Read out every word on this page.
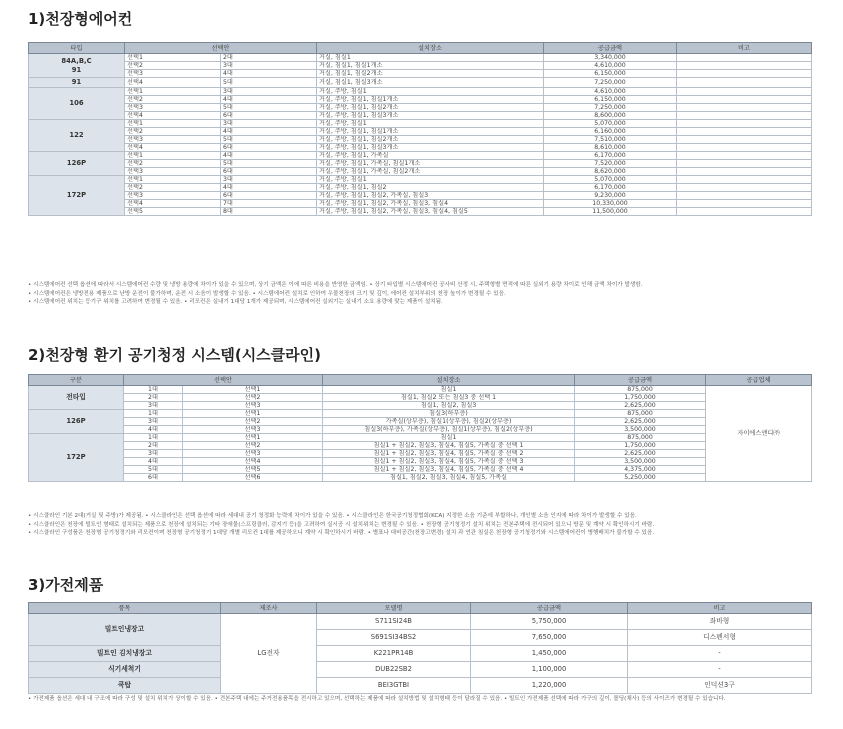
1)천장형에어컨
타입	선택안		설치장소	공급금액	비고
84A,B,C
91	선택1	2대	거실, 침실1	3,340,000	
	선택2	3대	거실, 침실1, 침실1개소	4,610,000	
	선택3	4대	거실, 침실1, 침실2개소	6,150,000	
91	선택4	5대	거실, 침실1, 침실3개소	7,250,000	
106	선택1	3대	거실, 주방, 침실1	4,610,000	
	선택2	4대	거실, 주방, 침실1, 침실1개소	6,150,000	
	선택3	5대	거실, 주방, 침실1, 침실2개소	7,250,000	
	선택4	6대	거실, 주방, 침실1, 침실3개소	8,600,000	
122	선택1	3대	거실, 주방, 침실1	5,070,000	
	선택2	4대	거실, 주방, 침실1, 침실1개소	6,160,000	
	선택3	5대	거실, 주방, 침실1, 침실2개소	7,510,000	
	선택4	6대	거실, 주방, 침실1, 침실3개소	8,610,000	
126P	선택1	4대	거실, 주방, 침실1, 가족실	6,170,000	
	선택2	5대	거실, 주방, 침실1, 가족실, 침실1개소	7,520,000	
	선택3	6대	거실, 주방, 침실1, 가족실, 침실2개소	8,620,000	
172P	선택1	3대	거실, 주방, 침실1	5,070,000	
	선택2	4대	거실, 주방, 침실1, 침실2	6,170,000	
	선택3	6대	거실, 주방, 침실1, 침실2, 가족실, 침실3	9,230,000	
	선택4	7대	거실, 주방, 침실1, 침실2, 가족실, 침실3, 침실4	10,330,000	
	선택5	8대	거실, 주방, 침실1, 침실2, 가족실, 침실3, 침실4, 침실5	11,500,000	
• 시스템에어컨 선택 옵션에 따라서 시스템에어컨 수량 및 냉방 용량에 차이가 있을 수 있으며, 상기 금액은 이에 따른 비용을 반영한 금액임. • 상기 타입별 시스템에어컨 공사비 산정 시, 주택형별 면적에 따른 실외기 용량 차이로 인해 금액 차이가 발생함.
• 시스템에어컨은 냉방전용 제품으로 난방 운전이 불가하며, 운전 시 소음이 발생할 수 있음. • 시스템에어컨 설치로 인하여 우물천장의 크기 및 깊이, 에어컨 설치부위의 천장 높이가 변경될 수 있음.
• 시스템에어컨 위치는 등기구 위치를 고려하여 변경될 수 있음. • 리모컨은 실내기 1대당 1개가 제공되며, 시스템에어컨 실외기는 실내기 소요 용량에 맞는 제품이 설치됨.
2)천장형 환기 공기청정 시스템(시스클라인)
구분	선택안		설치장소	공급금액	공급업체
전타입	1대	선택1	침실1	875,000	자이에스앤디㈜
	2대	선택2	침실1, 침실2 또는 침실3 중 선택 1	1,750,000	
	3대	선택3	침실1, 침실2, 침실3	2,625,000	
126P	1대	선택1	침실3(하부층)	875,000	
	3대	선택2	가족실(상부층), 침실1(상부층), 침실2(상부층)	2,625,000	
	4대	선택3	침실3(하부층), 가족실(상부층), 침실1(상부층), 침실2(상부층)	3,500,000	
172P	1대	선택1	침실1	875,000	
	2대	선택2	침실1 + 침실2, 침실3, 침실4, 침실5, 가족실 중 선택 1	1,750,000	
	3대	선택3	침실1 + 침실2, 침실3, 침실4, 침실5, 가족실 중 선택 2	2,625,000	
	4대	선택4	침실1 + 침실2, 침실3, 침실4, 침실5, 가족실 중 선택 3	3,500,000	
	5대	선택5	침실1 + 침실2, 침실3, 침실4, 침실5, 가족실 중 선택 4	4,375,000	
	6대	선택6	침실1, 침실2, 침실3, 침실4, 침실5, 가족실	5,250,000	
• 시스클라인 기본 2대(거실 및 주방)가 제공됨. • 시스클라인은 선택 옵션에 따라 세대내 공기 청정화 능력에 차이가 있을 수 있음. • 시스클라인은 한국공기청정협회(KCA) 지정한 소음 기준에 부합하나, 개인별 소음 인지에 따라 차이가 발생할 수 있음.
• 시스클라인은 천장에 빌트인 형태로 설치되는 제품으로 천장에 설치되는 기타 장애물(스프링클러, 감지기 등)을 고려하여 실시공 시 설치위치는 변경될 수 있음. • 천장형 공기청정기 설치 위치는 전본주택에 전시되어 있으니 방문 및 계약 시 확인하시기 바람.
• 시스클라인 구성품은 천장형 공기청정기와 리모컨이며 천장형 공기청정기 1대당 개별 리모컨 1대를 제공하오니 계약 시 확인하시기 바람. • 별표나 대비공간(천장고변경) 설치 과 연관 침실은 천장형 공기청정기와 시스템에어컨이 병행배치가 불가할 수 있음.
3)가전제품
품목	제조사	모델명	공급금액	비고
빌트인냉장고	LG전자	S711SI24B	5,750,000	좌바형
		S691SI34BS2	7,650,000	디스펜서형
빌트인 김치냉장고		K221PR14B	1,450,000	-
식기세척기		DUB22SB2	1,100,000	-
쿡탑		BEI3GTBI	1,220,000	인덕션3구
• 가전제품 옵션은 세대 내 구조에 따라 구성 및 설치 위치가 상이할 수 있음. • 견본주택 내에는 주거전용품목을 전시하고 있으며, 선택하는 제품에 따라 설치방법 및 설치형태 등이 달라질 수 있음. • 빌트인 가전제품 선택에 따라 가구의 깊이, 몰딩(채사) 등의 사이즈가 변경될 수 있습니다.
